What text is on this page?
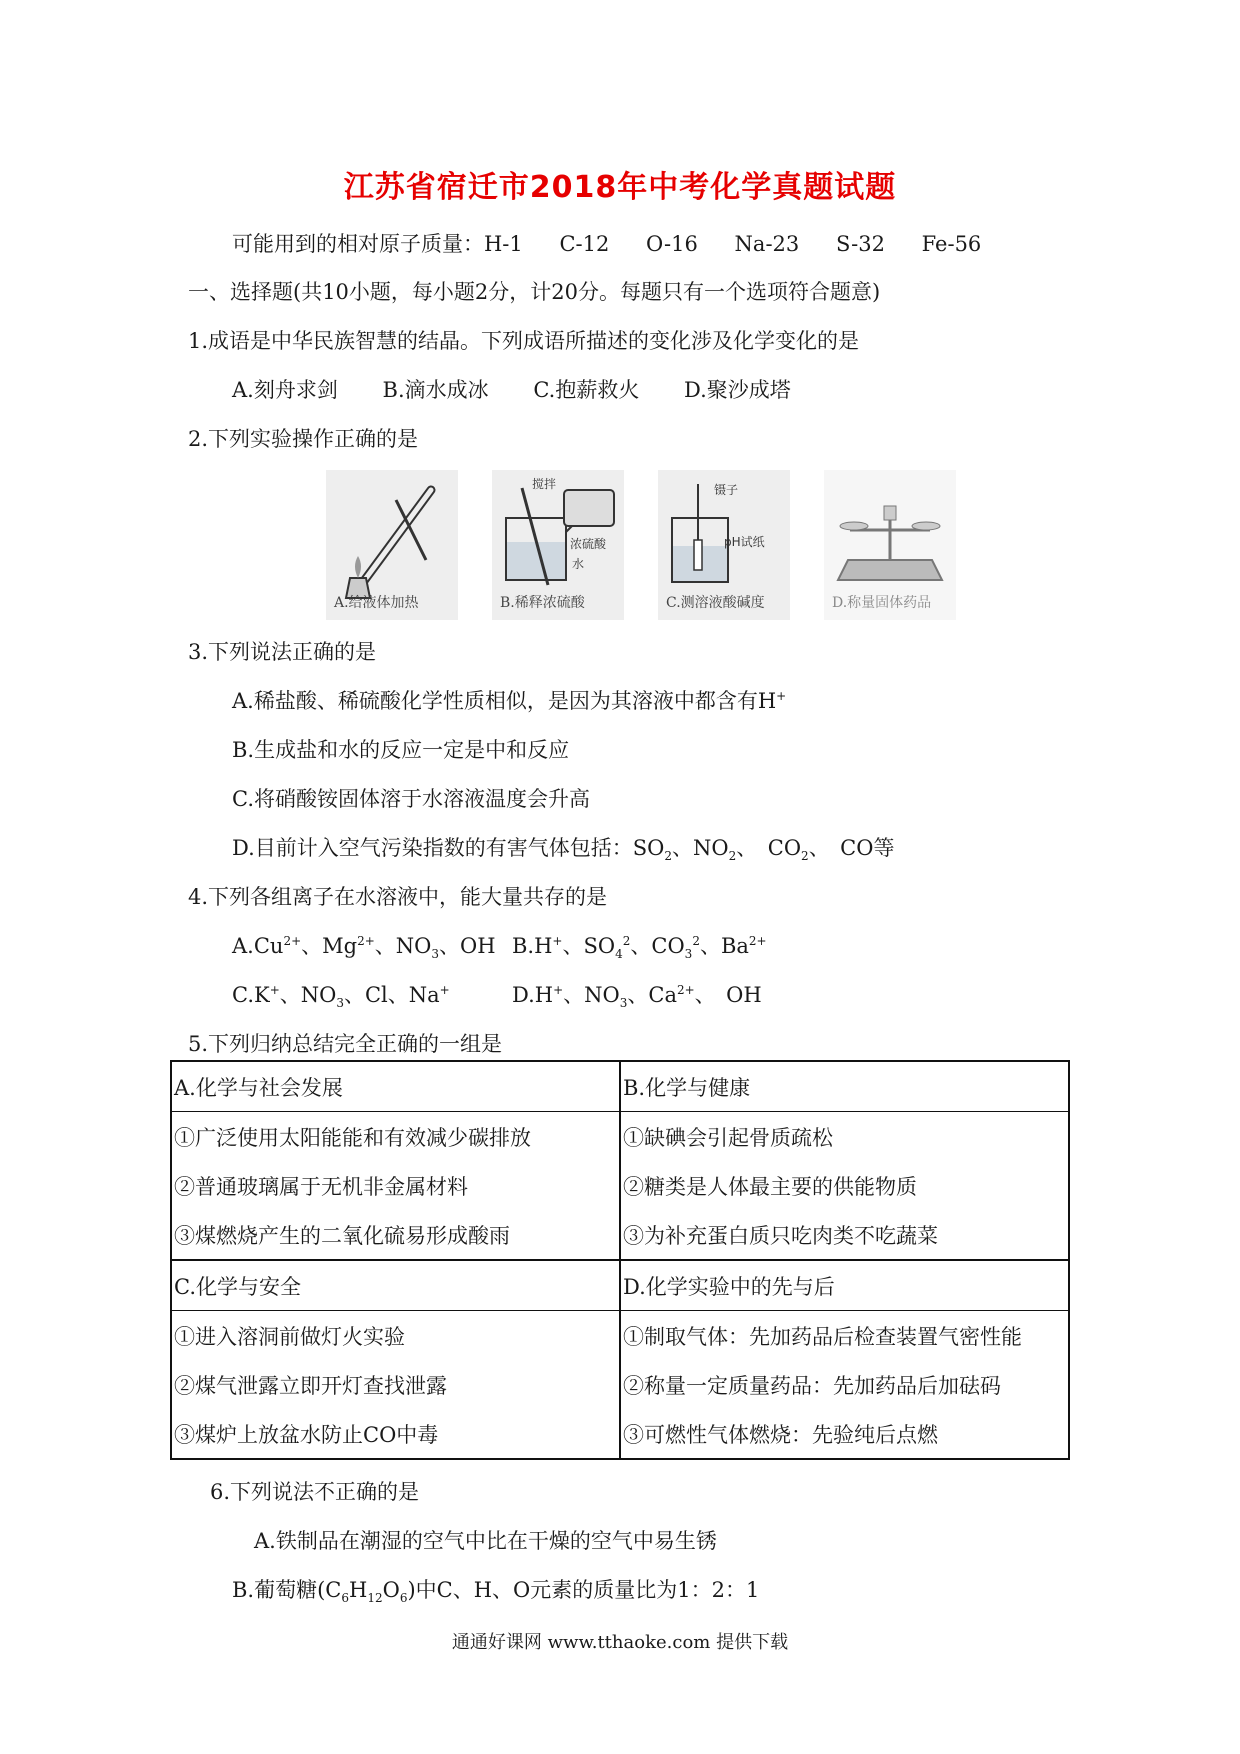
江苏省宿迁市2018年中考化学真题试题
可能用到的相对原子质量：H-1 C-12 O-16 Na-23 S-32 Fe-56
一、选择题(共10小题，每小题2分，计20分。每题只有一个选项符合题意)
1.成语是中华民族智慧的结晶。下列成语所描述的变化涉及化学变化的是
A.刻舟求剑 B.滴水成冰 C.抱薪救火 D.聚沙成塔
2.下列实验操作正确的是
A.给液体加热
搅拌
浓硫酸
水
B.稀释浓硫酸
镊子
pH试纸
C.测溶液酸碱度	D.称量固体药品
3.下列说法正确的是
A.稀盐酸、稀硫酸化学性质相似，是因为其溶液中都含有H+
B.生成盐和水的反应一定是中和反应
C.将硝酸铵固体溶于水溶液温度会升高
D.目前计入空气污染指数的有害气体包括：$SO_2$、$NO_2$、　$CO_2$、　CO等
4.下列各组离子在水溶液中，能大量共存的是
$A.Cu^{2+}$、$Mg^{2+}$、$NO_3$、OH B.H+、$SO_4^2$、$CO_3^2$、$Ba^{2+}$
C.K+、$NO_3$、Cl、Na+	D.H+、$NO_3$、$Ca^{2+}$、　OH
5.下列归纳总结完全正确的一组是
A.化学与社会发展	B.化学与健康
①广泛使用太阳能能和有效减少碳排放	①缺碘会引起骨质疏松
②普通玻璃属于无机非金属材料	②糖类是人体最主要的供能物质
③煤燃烧产生的二氧化硫易形成酸雨	③为补充蛋白质只吃肉类不吃蔬菜
C.化学与安全	D.化学实验中的先与后
①进入溶洞前做灯火实验	①制取气体：先加药品后检查装置气密性能
②煤气泄露立即开灯查找泄露	②称量一定质量药品：先加药品后加砝码
③煤炉上放盆水防止CO中毒	③可燃性气体燃烧：先验纯后点燃
6.下列说法不正确的是
A.铁制品在潮湿的空气中比在干燥的空气中易生锈
B.葡萄糖$(C_6H_{12}O_6)$中C、H、O元素的质量比为1：2：1
通通好课网 www.tthaoke.com 提供下载
